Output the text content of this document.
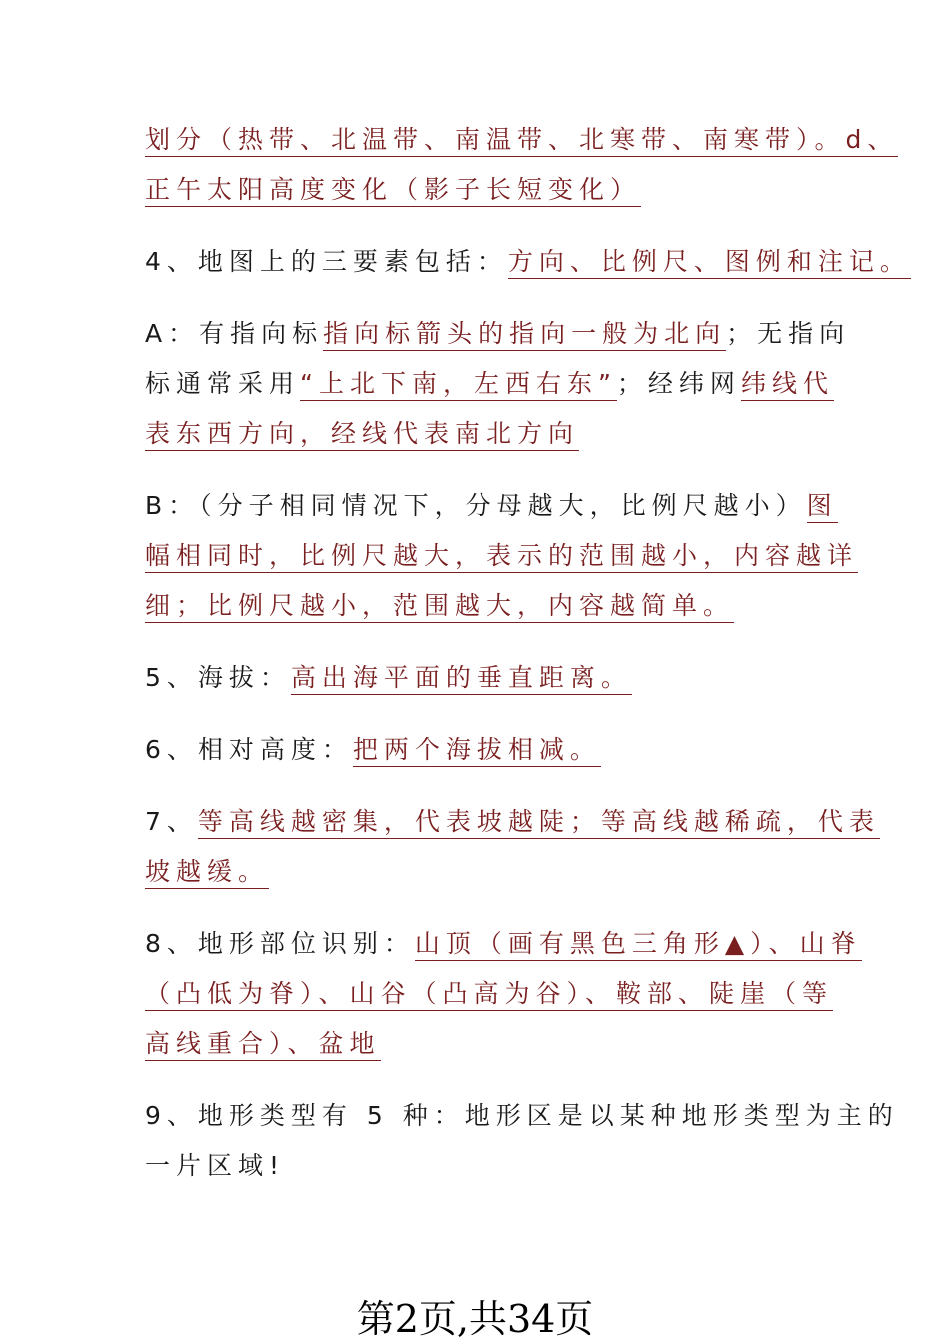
划分（热带、北温带、南温带、北寒带、南寒带）。d、
正午太阳高度变化（影子长短变化）
4、地图上的三要素包括：方向、比例尺、图例和注记。
A：有指向标指向标箭头的指向一般为北向；无指向
标通常采用“上北下南，左西右东”；经纬网纬线代
表东西方向，经线代表南北方向
B：（分子相同情况下，分母越大，比例尺越小）图
幅相同时，比例尺越大，表示的范围越小，内容越详
细；比例尺越小，范围越大，内容越简单。
5、海拔：高出海平面的垂直距离。
6、相对高度：把两个海拔相减。
7、等高线越密集，代表坡越陡；等高线越稀疏，代表
坡越缓。
8、地形部位识别：山顶（画有黑色三角形▲）、山脊
（凸低为脊）、山谷（凸高为谷）、鞍部、陡崖（等
高线重合）、盆地
9、地形类型有 5 种：地形区是以某种地形类型为主的
一片区域!
第2页,共34页
